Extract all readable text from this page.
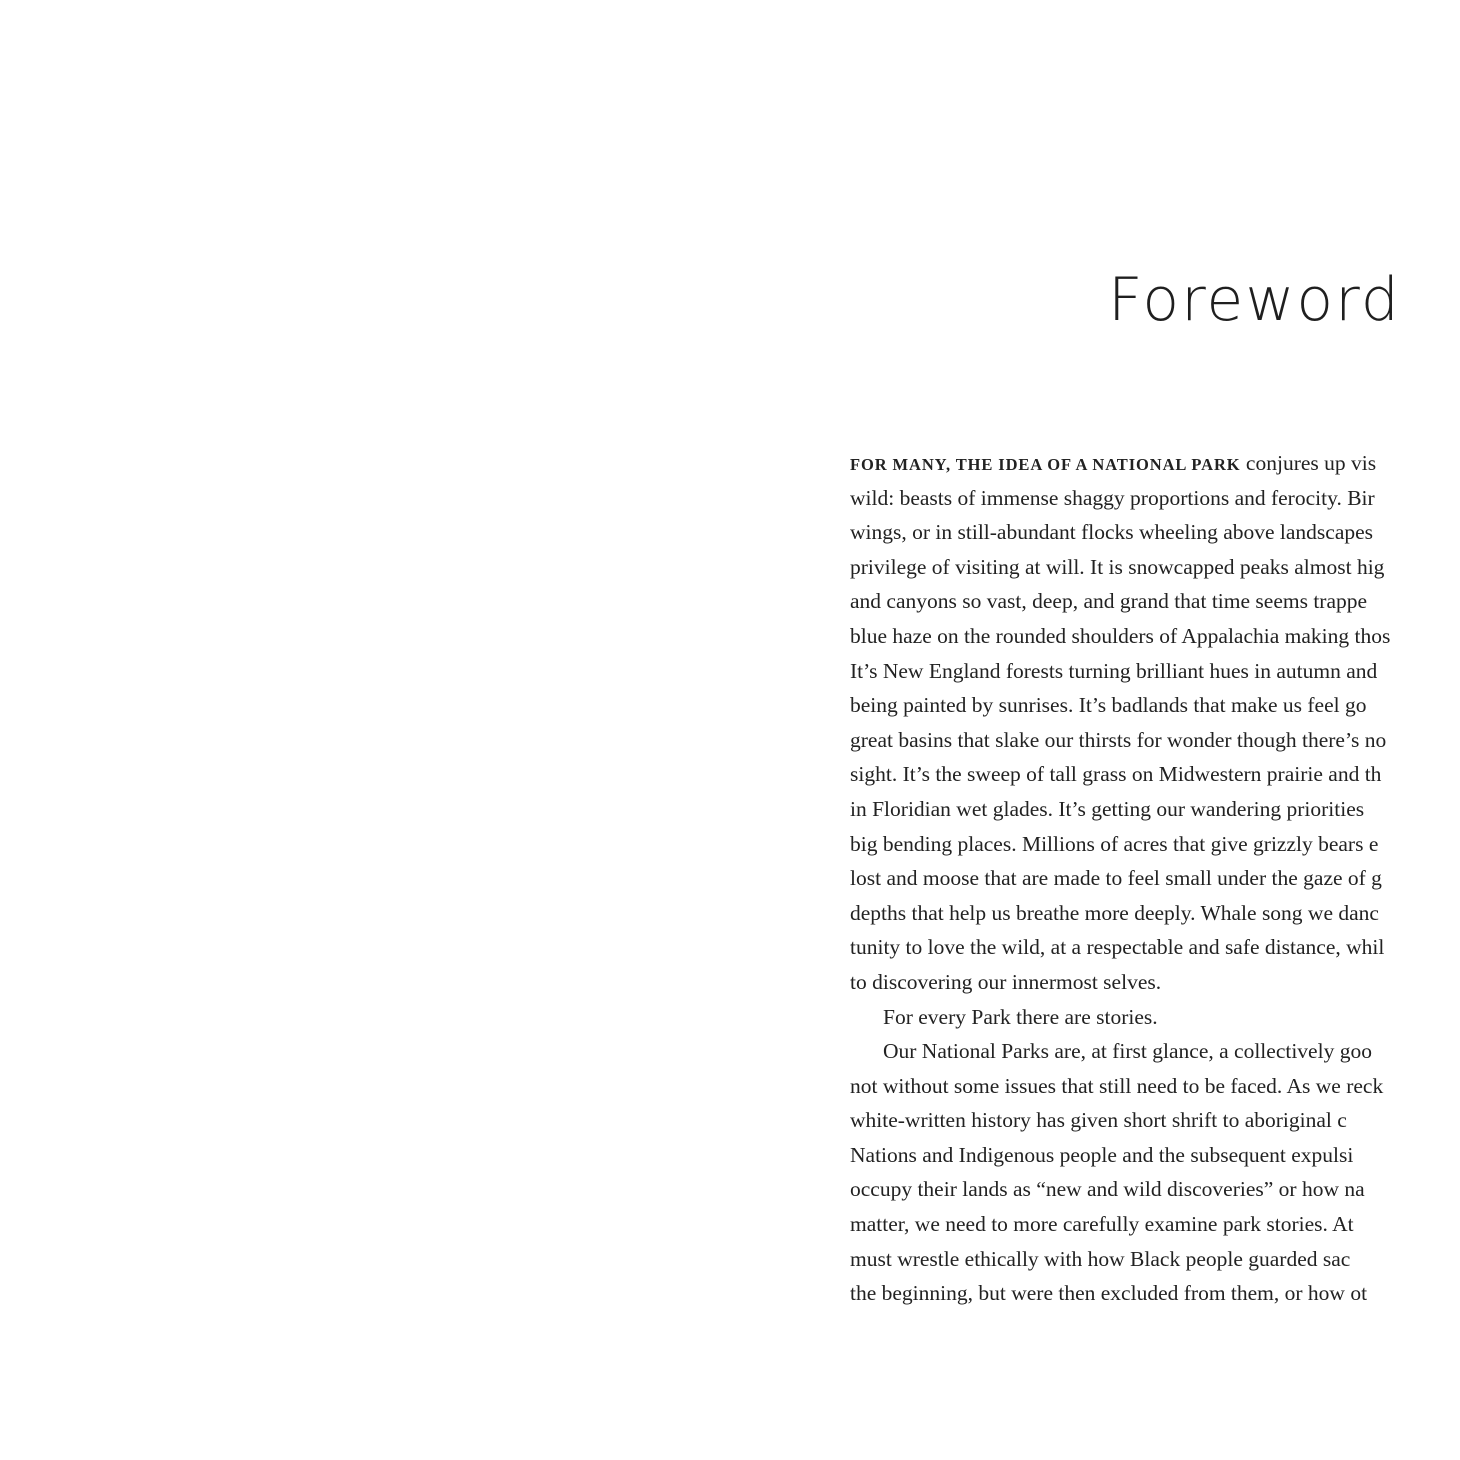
Foreword
FOR MANY, THE IDEA OF A NATIONAL PARK conjures up vis
wild: beasts of immense shaggy proportions and ferocity. Bir
wings, or in still-abundant flocks wheeling above landscapes
privilege of visiting at will. It is snowcapped peaks almost hig
and canyons so vast, deep, and grand that time seems trappe
blue haze on the rounded shoulders of Appalachia making thos
It’s New England forests turning brilliant hues in autumn and
being painted by sunrises. It’s badlands that make us feel go
great basins that slake our thirsts for wonder though there’s no
sight. It’s the sweep of tall grass on Midwestern prairie and th
in Floridian wet glades. It’s getting our wandering priorities
big bending places. Millions of acres that give grizzly bears e
lost and moose that are made to feel small under the gaze of g
depths that help us breathe more deeply. Whale song we danc
tunity to love the wild, at a respectable and safe distance, whil
to discovering our innermost selves.
For every Park there are stories.
Our National Parks are, at first glance, a collectively goo
not without some issues that still need to be faced. As we reck
white-written history has given short shrift to aboriginal c
Nations and Indigenous people and the subsequent expulsi
occupy their lands as “new and wild discoveries” or how na
matter, we need to more carefully examine park stories. At
must wrestle ethically with how Black people guarded sac
the beginning, but were then excluded from them, or how ot
